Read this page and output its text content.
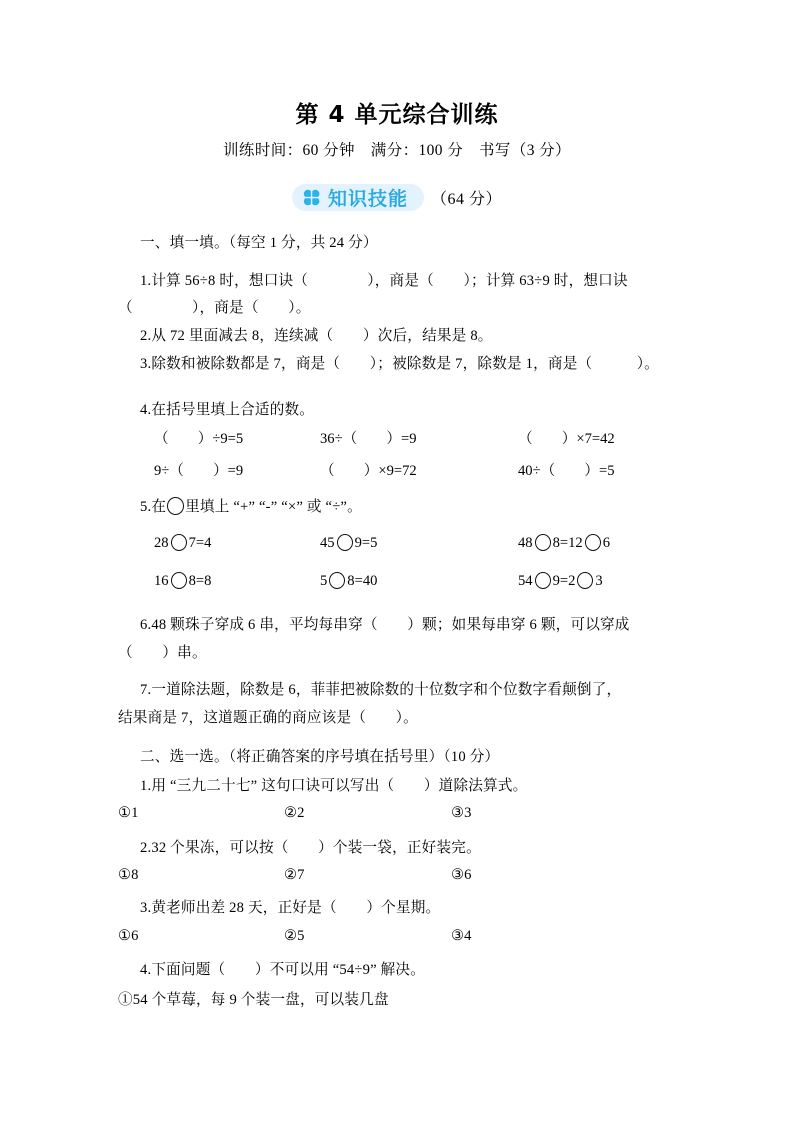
第 4 单元综合训练
训练时间：60 分钟　满分：100 分　书写（3 分）
知识技能 （64 分）
一、填一填。（每空 1 分，共 24 分）
1.计算 56÷8 时，想口诀（　　　　），商是（　　）；计算 63÷9 时，想口诀
（　　　　），商是（　　）。
2.从 72 里面减去 8，连续减（　　）次后，结果是 8。
3.除数和被除数都是 7，商是（　　）；被除数是 7，除数是 1，商是（　　　）。
4.在括号里填上合适的数。
（　　）÷9=5	36÷（　　）=9	（　　）×7=42
9÷（　　）=9	（　　）×9=72	40÷（　　）=5
5.在 里填上 “+” “-” “×” 或 “÷”。
28 7=4	45 9=5	48 8=12 6
16 8=8	5 8=40	54 9=2 3
6.48 颗珠子穿成 6 串，平均每串穿（　　）颗；如果每串穿 6 颗，可以穿成
（　　）串。
7.一道除法题，除数是 6，菲菲把被除数的十位数字和个位数字看颠倒了，
结果商是 7，这道题正确的商应该是（　　）。
二、选一选。（将正确答案的序号填在括号里）（10 分）
1.用 “三九二十七” 这句口诀可以写出（　　）道除法算式。
①1	②2	③3
2.32 个果冻，可以按（　　）个装一袋，正好装完。
①8	②7	③6
3.黄老师出差 28 天，正好是（　　）个星期。
①6	②5	③4
4.下面问题（　　）不可以用 “54÷9” 解决。
①54 个草莓，每 9 个装一盘，可以装几盘
